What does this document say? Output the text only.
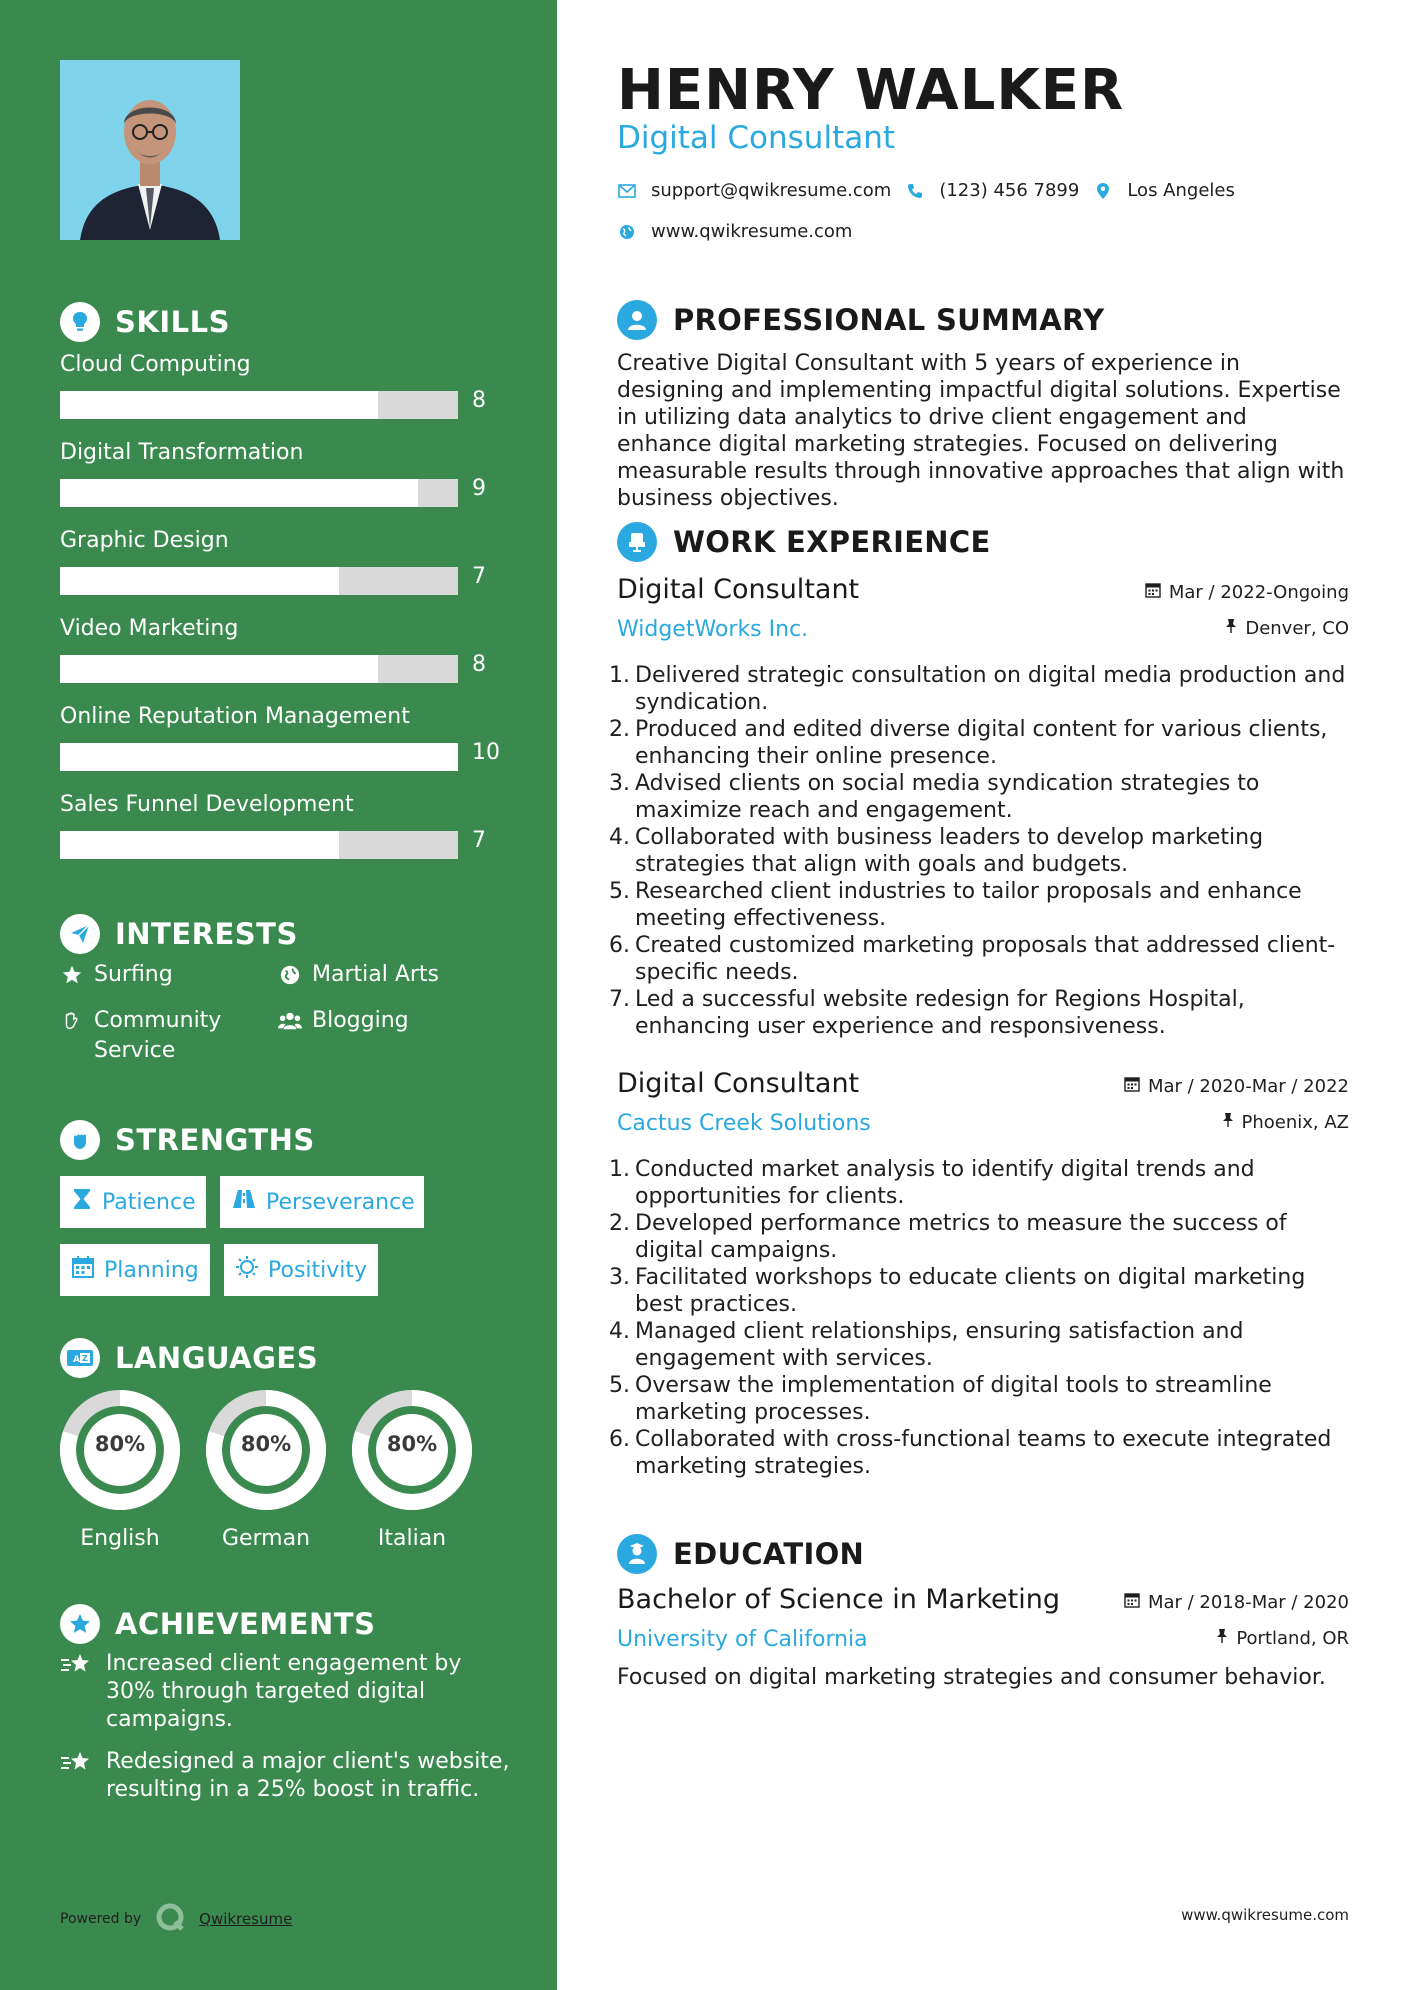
SKILLS
Cloud Computing
8
Digital Transformation
9
Graphic Design
7
Video Marketing
8
Online Reputation Management
10
Sales Funnel Development
7
INTERESTS
Surfing	Martial Arts
Community
Service
Blogging
STRENGTHS
Patience	Perseverance
Planning	Positivity
A Z LANGUAGES
80%
English
80%
German
80%
Italian
ACHIEVEMENTS
Increased client engagement by 30% through targeted digital campaigns.
Redesigned a major client's website, resulting in a 25% boost in traffic.
Powered by	Qwikresume
HENRY WALKER
Digital Consultant
support@qwikresume.com	(123) 456 7899	Los Angeles
www.qwikresume.com
PROFESSIONAL SUMMARY
Creative Digital Consultant with 5 years of experience in designing and implementing impactful digital solutions. Expertise in utilizing data analytics to drive client engagement and enhance digital marketing strategies. Focused on delivering measurable results through innovative approaches that align with business objectives.
WORK EXPERIENCE
Digital Consultant
WidgetWorks Inc.
Mar / 2022-Ongoing
Denver, CO
1. Delivered strategic consultation on digital media production and syndication.
2. Produced and edited diverse digital content for various clients, enhancing their online presence.
3. Advised clients on social media syndication strategies to maximize reach and engagement.
4. Collaborated with business leaders to develop marketing strategies that align with goals and budgets.
5. Researched client industries to tailor proposals and enhance meeting effectiveness.
6. Created customized marketing proposals that addressed client-specific needs.
7. Led a successful website redesign for Regions Hospital, enhancing user experience and responsiveness.
Digital Consultant
Cactus Creek Solutions
Mar / 2020-Mar / 2022
Phoenix, AZ
1. Conducted market analysis to identify digital trends and opportunities for clients.
2. Developed performance metrics to measure the success of digital campaigns.
3. Facilitated workshops to educate clients on digital marketing best practices.
4. Managed client relationships, ensuring satisfaction and engagement with services.
5. Oversaw the implementation of digital tools to streamline marketing processes.
6. Collaborated with cross-functional teams to execute integrated marketing strategies.
EDUCATION
Bachelor of Science in Marketing
University of California
Mar / 2018-Mar / 2020
Portland, OR
Focused on digital marketing strategies and consumer behavior.
www.qwikresume.com
